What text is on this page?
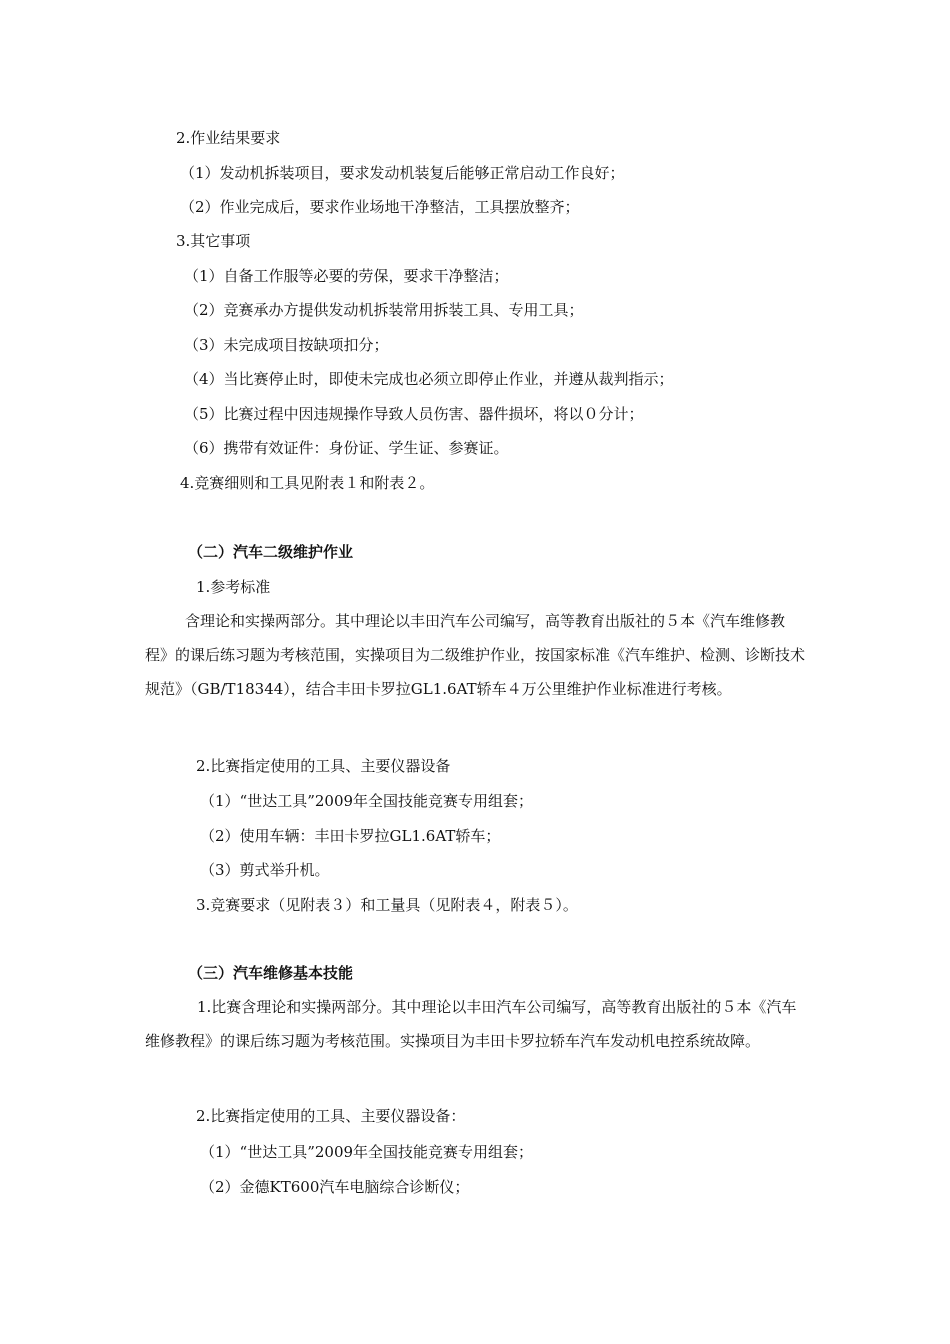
2.作业结果要求
（1）发动机拆装项目，要求发动机装复后能够正常启动工作良好；
（2）作业完成后，要求作业场地干净整洁，工具摆放整齐；
3.其它事项
（1）自备工作服等必要的劳保，要求干净整洁；
（2）竞赛承办方提供发动机拆装常用拆装工具、专用工具；
（3）未完成项目按缺项扣分；
（4）当比赛停止时，即使未完成也必须立即停止作业，并遵从裁判指示；
（5）比赛过程中因违规操作导致人员伤害、器件损坏，将以０分计；
（6）携带有效证件：身份证、学生证、参赛证。
4.竞赛细则和工具见附表１和附表２。
（二）汽车二级维护作业
1.参考标准
含理论和实操两部分。其中理论以丰田汽车公司编写，高等教育出版社的５本《汽车维修教程》的课后练习题为考核范围，实操项目为二级维护作业，按国家标准《汽车维护、检测、诊断技术规范》（GB/T18344），结合丰田卡罗拉GL1.6AT轿车４万公里维护作业标准进行考核。
2.比赛指定使用的工具、主要仪器设备
（1）“世达工具”2009年全国技能竞赛专用组套；
（2）使用车辆：丰田卡罗拉GL1.6AT轿车；
（3）剪式举升机。
3.竞赛要求（见附表３）和工量具（见附表４，附表５）。
（三）汽车维修基本技能
1.比赛含理论和实操两部分。其中理论以丰田汽车公司编写，高等教育出版社的５本《汽车维修教程》的课后练习题为考核范围。实操项目为丰田卡罗拉轿车汽车发动机电控系统故障。
2.比赛指定使用的工具、主要仪器设备：
（1）“世达工具”2009年全国技能竞赛专用组套；
（2）金德KT600汽车电脑综合诊断仪；
